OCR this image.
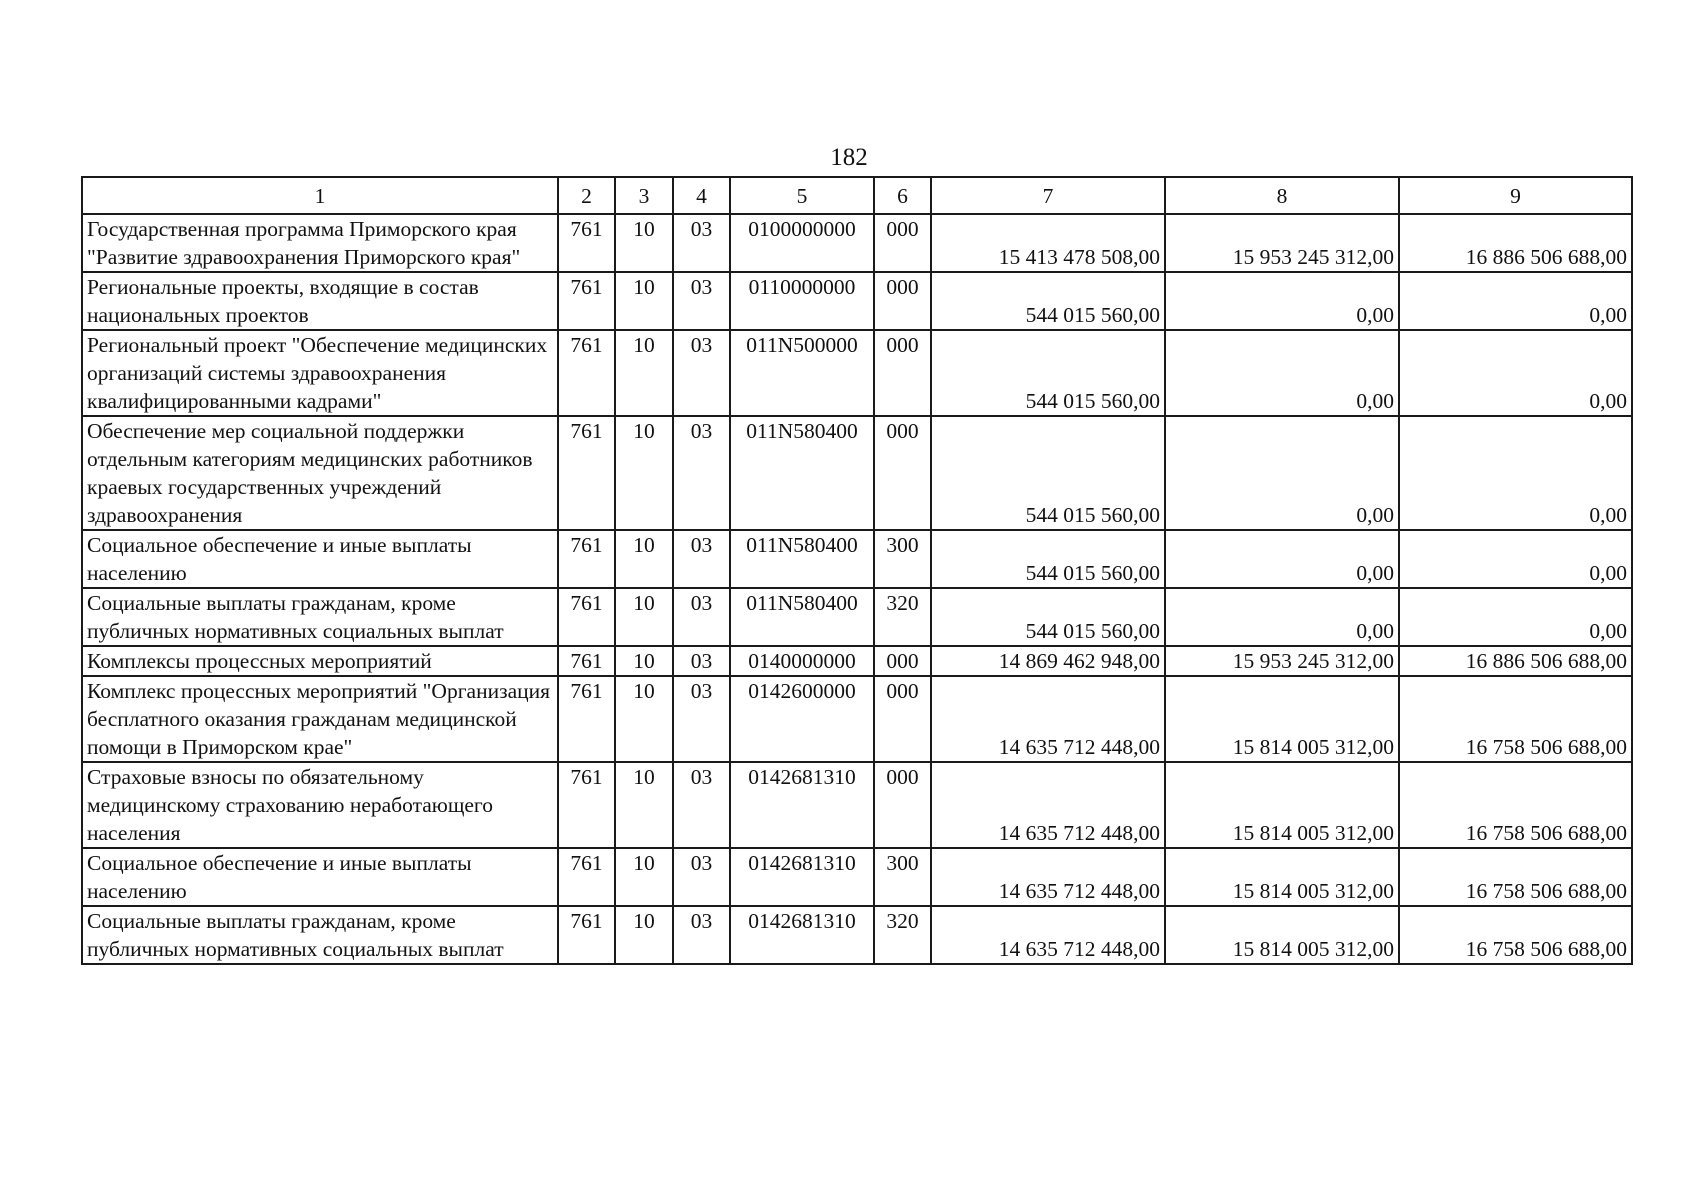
182
1	2	3	4	5	6	7	8	9
Государственная программа Приморского края "Развитие здравоохранения Приморского края"	761	10	03	0100000000	000	15 413 478 508,00	15 953 245 312,00	16 886 506 688,00
Региональные проекты, входящие в состав национальных проектов	761	10	03	0110000000	000	544 015 560,00	0,00	0,00
Региональный проект "Обеспечение медицинских организаций системы здравоохранения квалифицированными кадрами"	761	10	03	011N500000	000	544 015 560,00	0,00	0,00
Обеспечение мер социальной поддержки отдельным категориям медицинских работников краевых государственных учреждений здравоохранения	761	10	03	011N580400	000	544 015 560,00	0,00	0,00
Социальное обеспечение и иные выплаты населению	761	10	03	011N580400	300	544 015 560,00	0,00	0,00
Социальные выплаты гражданам, кроме публичных нормативных социальных выплат	761	10	03	011N580400	320	544 015 560,00	0,00	0,00
Комплексы процессных мероприятий	761	10	03	0140000000	000	14 869 462 948,00	15 953 245 312,00	16 886 506 688,00
Комплекс процессных мероприятий "Организация бесплатного оказания гражданам медицинской помощи в Приморском крае"	761	10	03	0142600000	000	14 635 712 448,00	15 814 005 312,00	16 758 506 688,00
Страховые взносы по обязательному медицинскому страхованию неработающего населения	761	10	03	0142681310	000	14 635 712 448,00	15 814 005 312,00	16 758 506 688,00
Социальное обеспечение и иные выплаты населению	761	10	03	0142681310	300	14 635 712 448,00	15 814 005 312,00	16 758 506 688,00
Социальные выплаты гражданам, кроме публичных нормативных социальных выплат	761	10	03	0142681310	320	14 635 712 448,00	15 814 005 312,00	16 758 506 688,00
